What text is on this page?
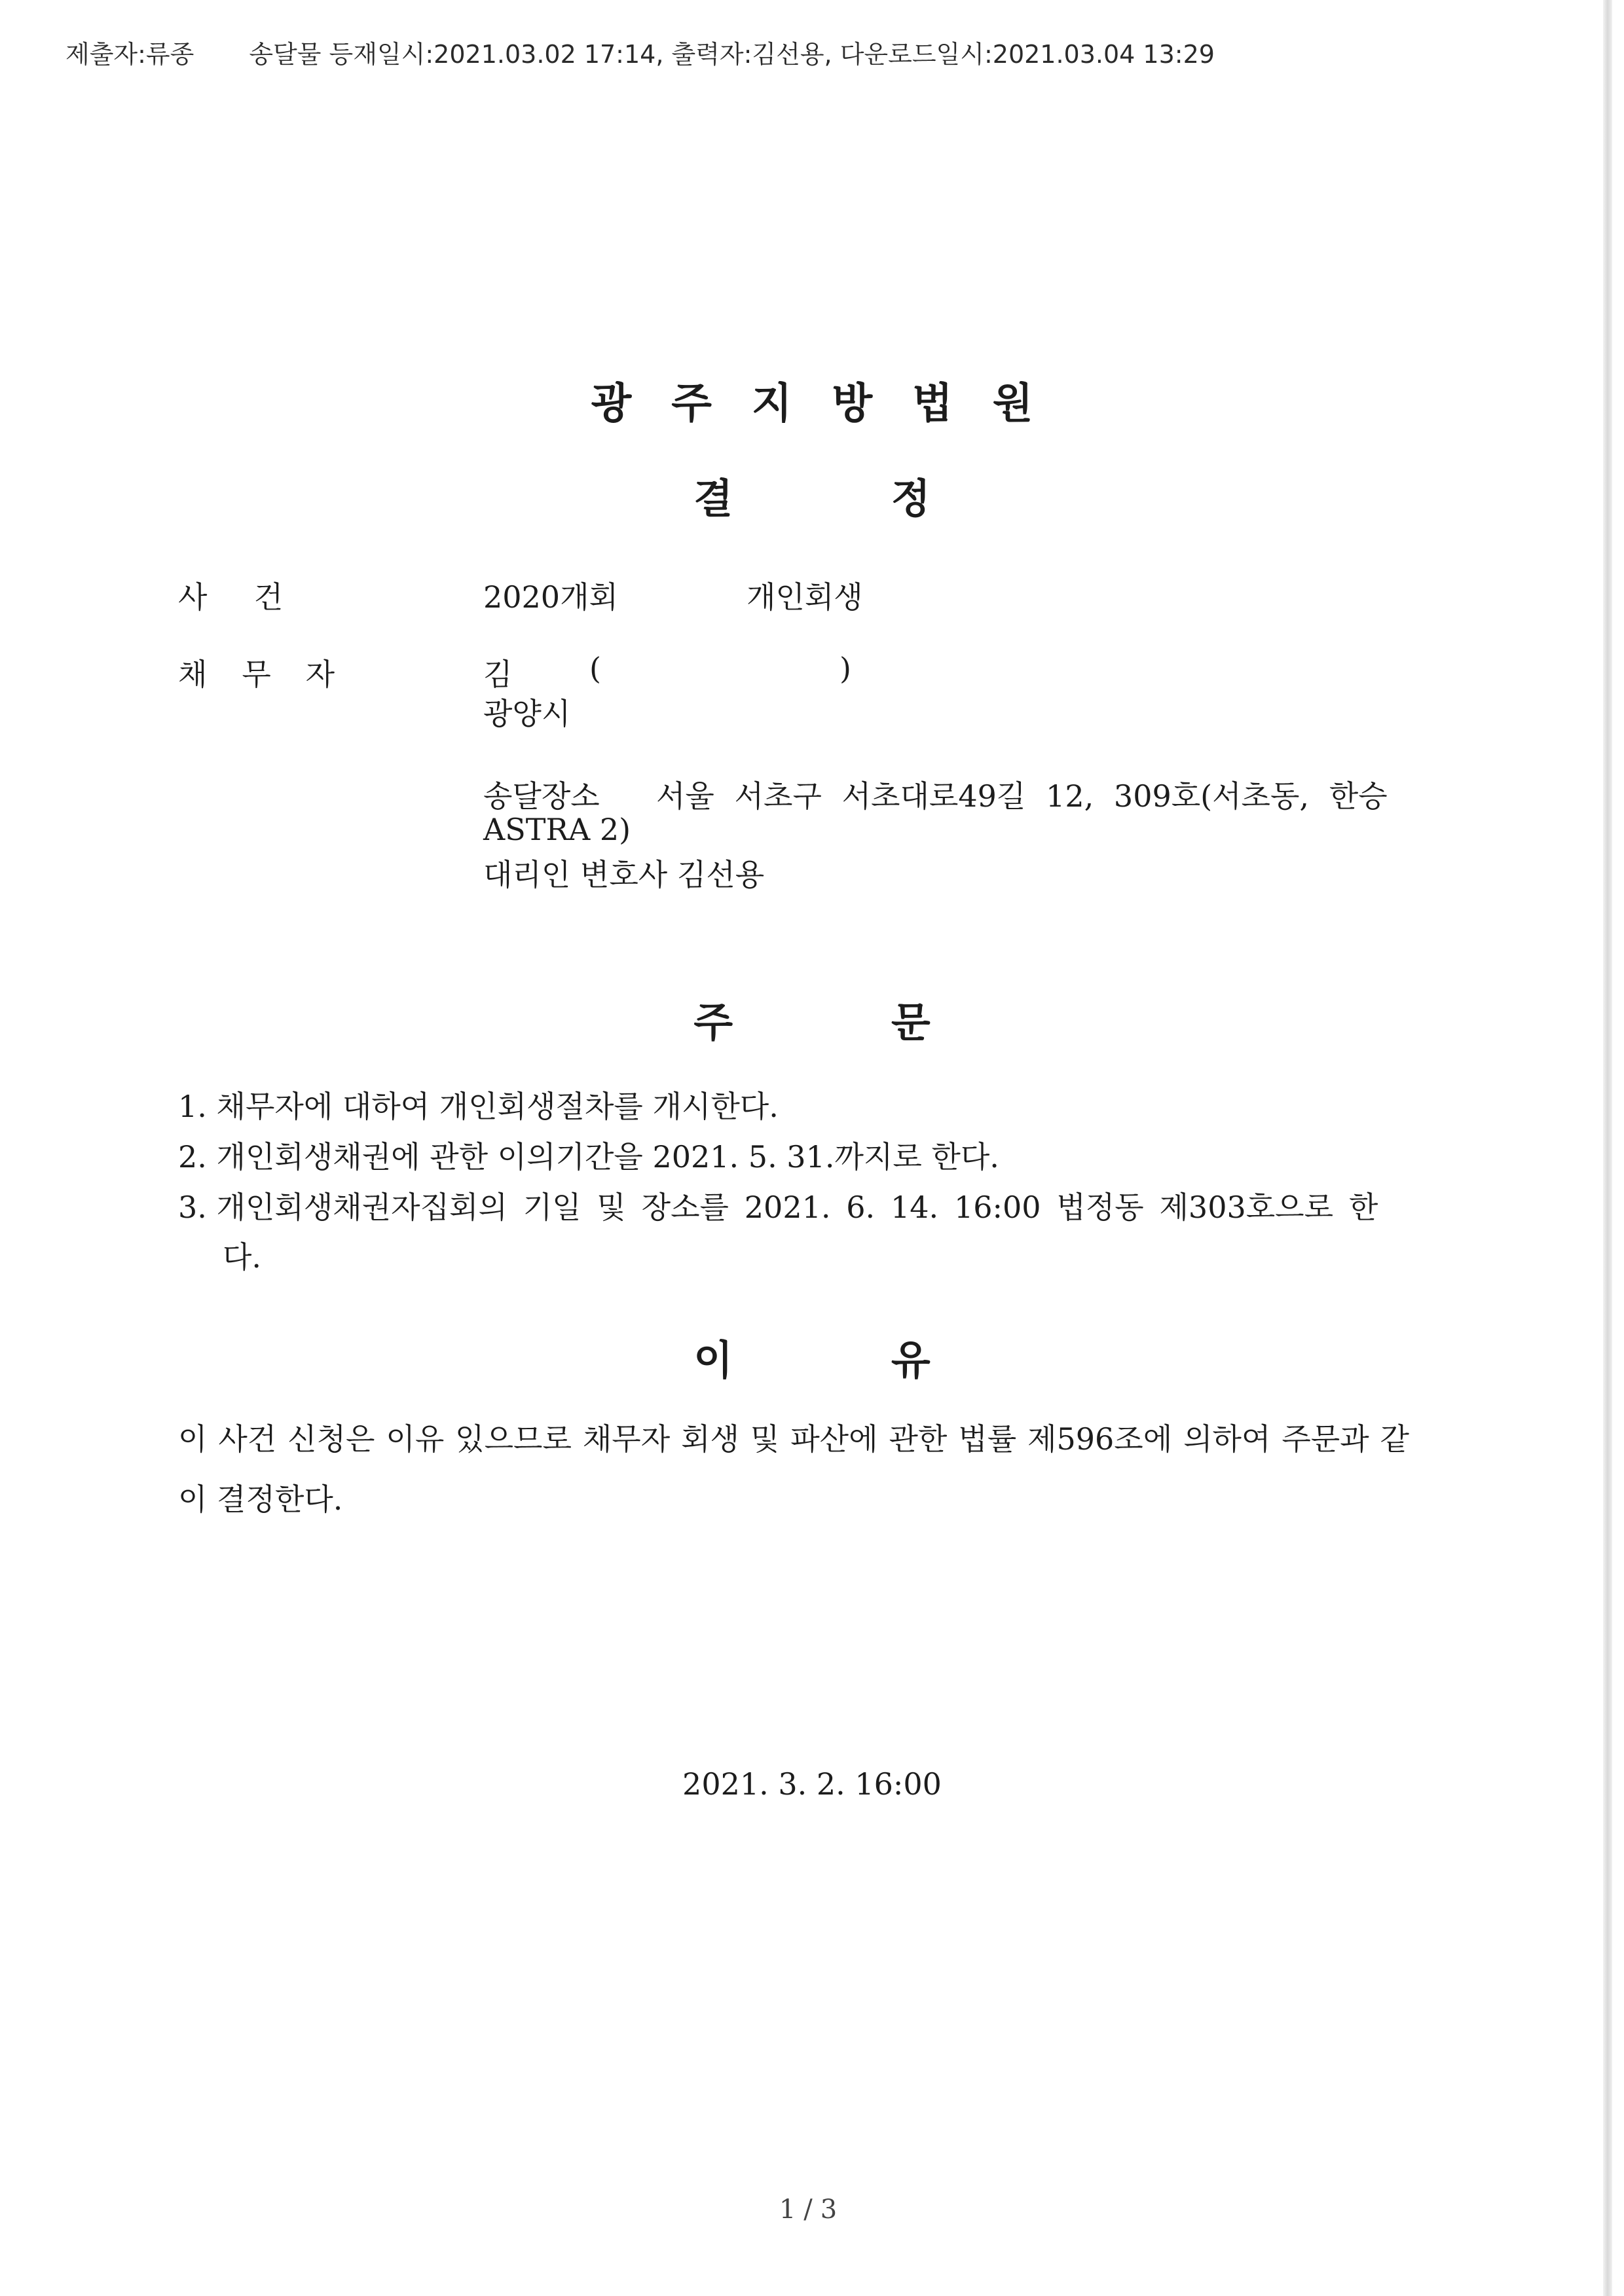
제출자:류종 송달물 등재일시:2021.03.02 17:14, 출력자:김선용, 다운로드일시:2021.03.04 13:29
광주지방법원
결정
사건	2020개회	개인회생
채무자	김	(	)
광양시
송달장소 서울 서초구 서초대로49길 12, 309호(서초동, 한승
ASTRA 2)
대리인 변호사 김선용
주문
1. 채무자에 대하여 개인회생절차를 개시한다.
2. 개인회생채권에 관한 이의기간을 2021. 5. 31.까지로 한다.
3. 개인회생채권자집회의 기일 및 장소를 2021. 6. 14. 16:00 법정동 제303호으로 한
다.
이유
이 사건 신청은 이유 있으므로 채무자 회생 및 파산에 관한 법률 제596조에 의하여 주문과 같이 결정한다.
2021. 3. 2. 16:00
1/3
